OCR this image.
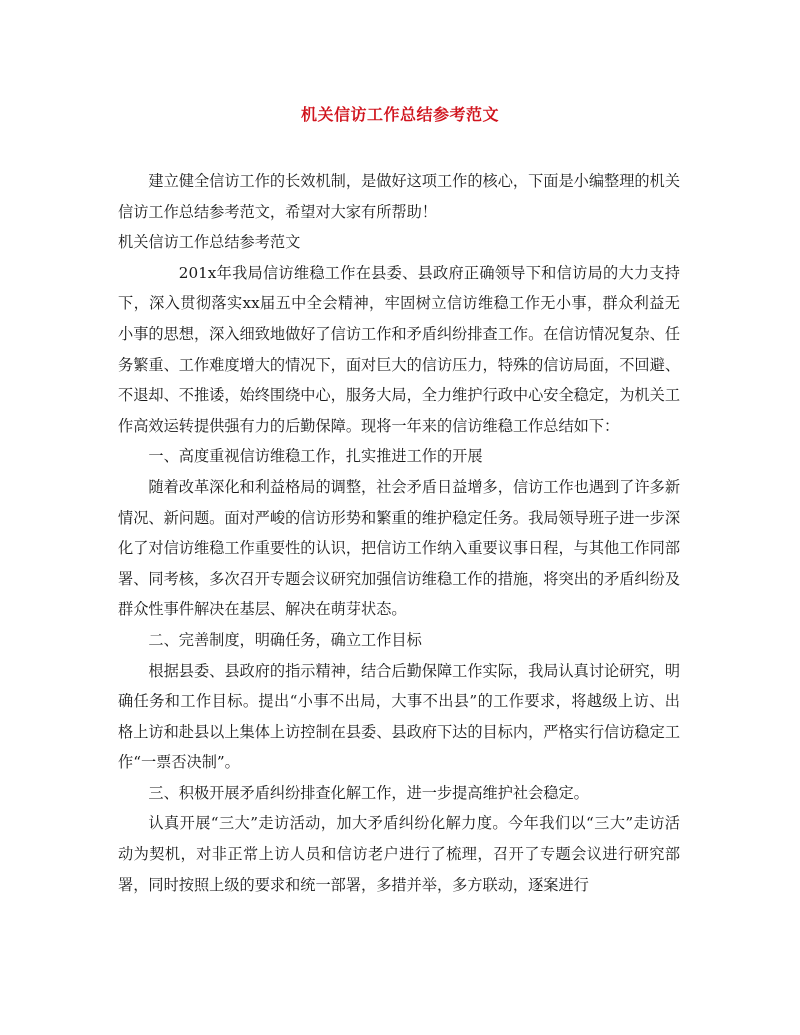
机关信访工作总结参考范文

建立健全信访工作的长效机制，是做好这项工作的核心，下面是小编整理的机关信访工作总结参考范文，希望对大家有所帮助！

机关信访工作总结参考范文

201x年我局信访维稳工作在县委、县政府正确领导下和信访局的大力支持下，深入贯彻落实xx届五中全会精神，牢固树立信访维稳工作无小事，群众利益无小事的思想，深入细致地做好了信访工作和矛盾纠纷排查工作。在信访情况复杂、任务繁重、工作难度增大的情况下，面对巨大的信访压力，特殊的信访局面，不回避、不退却、不推诿，始终围绕中心，服务大局，全力维护行政中心安全稳定，为机关工作高效运转提供强有力的后勤保障。现将一年来的信访维稳工作总结如下：

一、高度重视信访维稳工作，扎实推进工作的开展

随着改革深化和利益格局的调整，社会矛盾日益增多，信访工作也遇到了许多新情况、新问题。面对严峻的信访形势和繁重的维护稳定任务。我局领导班子进一步深化了对信访维稳工作重要性的认识，把信访工作纳入重要议事日程，与其他工作同部署、同考核，多次召开专题会议研究加强信访维稳工作的措施，将突出的矛盾纠纷及群众性事件解决在基层、解决在萌芽状态。

二、完善制度，明确任务，确立工作目标

根据县委、县政府的指示精神，结合后勤保障工作实际，我局认真讨论研究，明确任务和工作目标。提出“小事不出局，大事不出县”的工作要求，将越级上访、出格上访和赴县以上集体上访控制在县委、县政府下达的目标内，严格实行信访稳定工作“一票否决制”。

三、积极开展矛盾纠纷排查化解工作，进一步提高维护社会稳定。

认真开展“三大”走访活动，加大矛盾纠纷化解力度。今年我们以“三大”走访活动为契机，对非正常上访人员和信访老户进行了梳理，召开了专题会议进行研究部署，同时按照上级的要求和统一部署，多措并举，多方联动，逐案进行
